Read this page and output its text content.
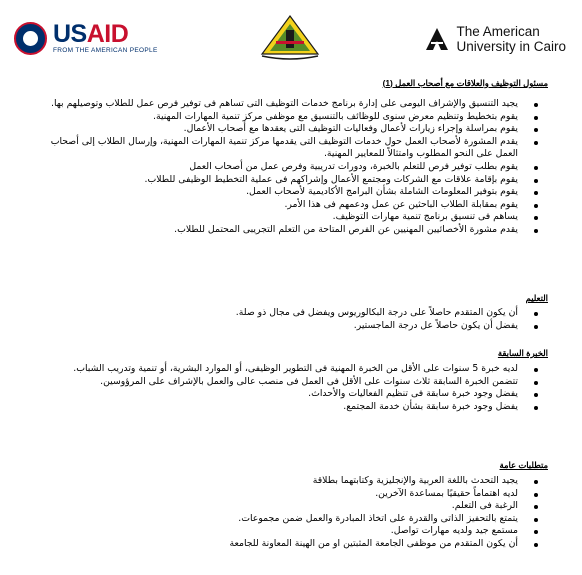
USAID
FROM THE AMERICAN PEOPLE
The American
University in Cairo
مسئول التوظيف والعلاقات مع أصحاب العمل (1)
يجيد التنسيق والإشراف اليومى على إدارة برنامج خدمات التوظيف التى تساهم فى توفير فرص عمل للطلاب وتوصيلهم بها.
يقوم بتخطيط وتنظيم معرض سنوى للوظائف بالتنسيق مع موظفى مركز تنمية المهارات المهنية.
يقوم بمراسلة وإجراء زيارات لأعمال وفعاليات التوظيف التى يعقدها مع أصحاب الأعمال.
يقدم المشورة لأصحاب العمل حول خدمات التوظيف التى يقدمها مركز تنمية المهارات المهنية، وإرسال الطلاب إلى أصحاب العمل على النحو المطلوب وامتثالاً للمعايير المهنية.
يقوم بطلب توفير فرص للتعلم بالخبرة، ودورات تدريبية وفرص عمل من أصحاب العمل
يقوم بإقامة علاقات مع الشركات ومجتمع الأعمال وإشراكهم فى عملية التخطيط الوظيفى للطلاب.
يقوم بتوفير المعلومات الشاملة بشأن البرامج الأكاديمية لأصحاب العمل.
يقوم بمقابلة الطلاب الباحثين عن عمل ودعمهم فى هذا الأمر.
يساهم فى تنسيق برنامج تنمية مهارات التوظيف.
يقدم مشورة الأخصائيين المهنيين عن الفرص المتاحة من التعلم التجريبى المحتمل للطلاب.
التعليم
أن يكون المتقدم حاصلاً على درجة البكالوريوس ويفضل فى مجال ذو صلة.
يفضل أن يكون حاصلاً عل درجة الماجستير.
الخبرة السابقة
لديه خبرة 5 سنوات على الأقل من الخبرة المهنية فى التطوير الوظيفى، أو الموارد البشرية، أو تنمية وتدريب الشباب.
تتضمن الخبرة السابقة ثلاث سنوات على الأقل فى العمل فى منصب عالى والعمل بالإشراف على المرؤوسين.
يفضل وجود خبرة سابقة فى تنظيم الفعاليات والأحداث.
يفضل وجود خبرة سابقة بشأن خدمة المجتمع.
متطلبات عامة
يجيد التحدث باللغة العربية والإنجليزية وكتابتهما بطلاقة
لديه اهتماماً حقيقيًا بمساعدة الآخرين.
الرغبة فى التعلم.
يتمتع بالتحفيز الذاتى والقدرة على اتخاذ المبادرة والعمل ضمن مجموعات.
مستمع جيد ولديه مهارات تواصل.
أن يكون المتقدم من موظفى الجامعة المثبتين او من الهينة المعاونة للجامعة
